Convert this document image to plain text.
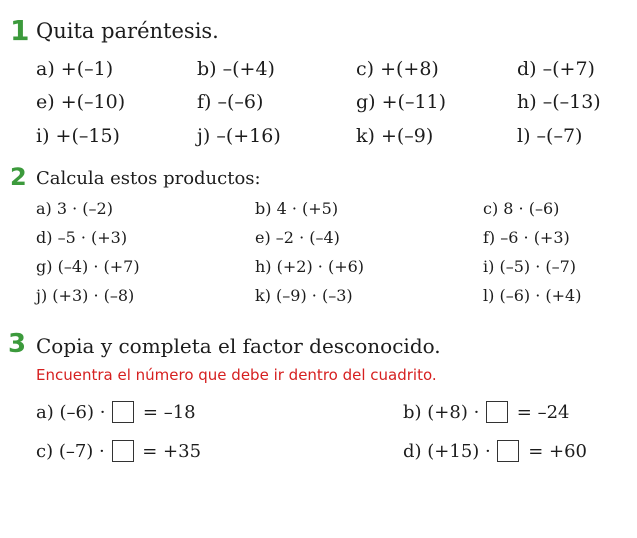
1 Quita paréntesis.
a) +(–1)	b) –(+4)	c) +(+8)	d) –(+7)
e) +(–10)	f) –(–6)	g) +(–11)	h) –(–13)
i) +(–15)	j) –(+16)	k) +(–9)	l) –(–7)
2 Calcula estos productos:
a) 3 · (–2)	b) 4 · (+5)	c) 8 · (–6)
d) –5 · (+3)	e) –2 · (–4)	f) –6 · (+3)
g) (–4) · (+7)	h) (+2) · (+6)	i) (–5) · (–7)
j) (+3) · (–8)	k) (–9) · (–3)	l) (–6) · (+4)
3 Copia y completa el factor desconocido.
Encuentra el número que debe ir dentro del cuadrito.
a) (–6) · = –18	b) (+8) · = –24
c) (–7) · = +35	d) (+15) · = +60
